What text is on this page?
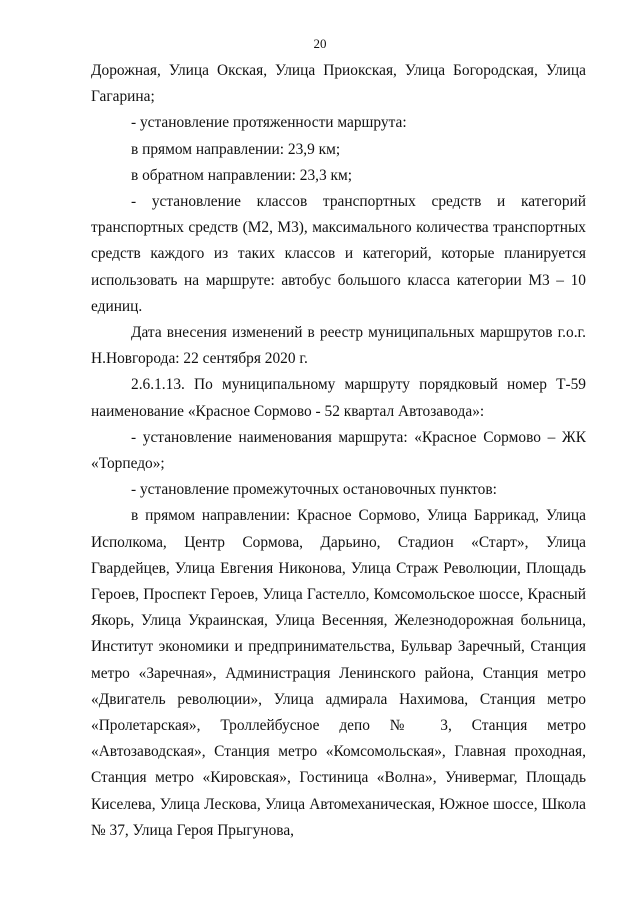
20

Дорожная, Улица Окская, Улица Приокская, Улица Богородская, Улица Гагарина;

- установление протяженности маршрута:

в прямом направлении: 23,9 км;

в обратном направлении: 23,3 км;

- установление классов транспортных средств и категорий транспортных средств (М2, М3), максимального количества транспортных средств каждого из таких классов и категорий, которые планируется использовать на маршруте: автобус большого класса категории М3 – 10 единиц.

Дата внесения изменений в реестр муниципальных маршрутов г.о.г. Н.Новгорода: 22 сентября 2020 г.

2.6.1.13. По муниципальному маршруту порядковый номер Т-59 наименование «Красное Сормово - 52 квартал Автозавода»:

- установление наименования маршрута: «Красное Сормово – ЖК «Торпедо»;

- установление промежуточных остановочных пунктов:

в прямом направлении: Красное Сормово, Улица Баррикад, Улица Исполкома, Центр Сормова, Дарьино, Стадион «Старт», Улица Гвардейцев, Улица Евгения Никонова, Улица Страж Революции, Площадь Героев, Проспект Героев, Улица Гастелло, Комсомольское шоссе, Красный Якорь, Улица Украинская, Улица Весенняя, Железнодорожная больница, Институт экономики и предпринимательства, Бульвар Заречный, Станция метро «Заречная», Администрация Ленинского района, Станция метро «Двигатель революции», Улица адмирала Нахимова, Станция метро «Пролетарская», Троллейбусное депо № 3, Станция метро «Автозаводская», Станция метро «Комсомольская», Главная проходная, Станция метро «Кировская», Гостиница «Волна», Универмаг, Площадь Киселева, Улица Лескова, Улица Автомеханическая, Южное шоссе, Школа № 37, Улица Героя Прыгунова,
